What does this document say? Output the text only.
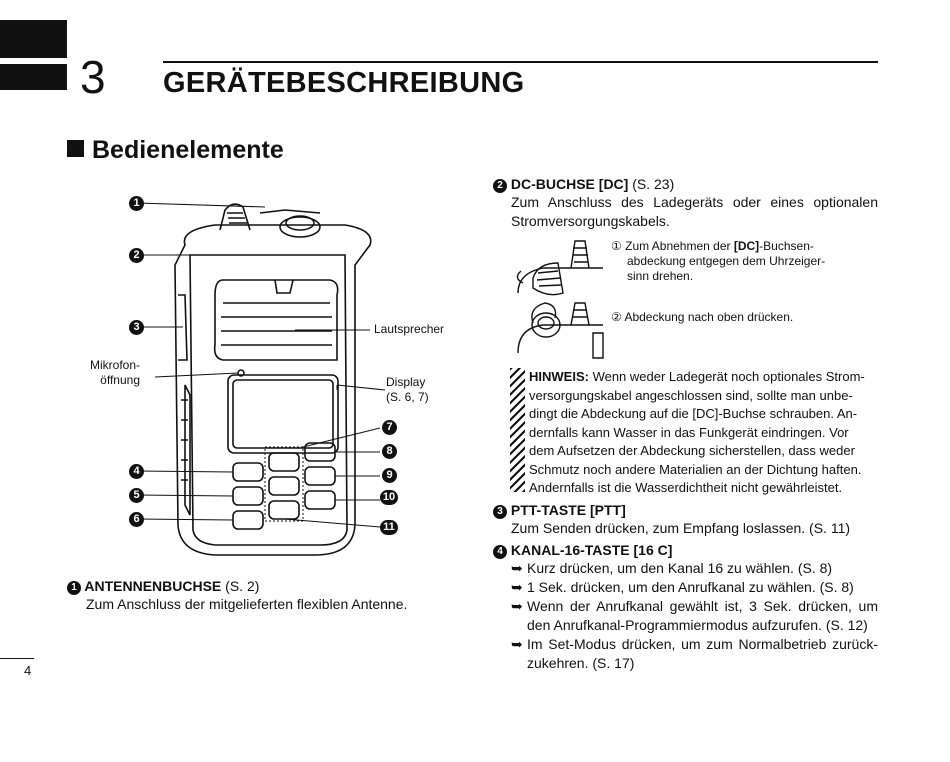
3 GERÄTEBESCHREIBUNG
Bedienelemente
1
2
3
4
5
6
7
8
9
10
11
Lautsprecher
Mikrofon-
öffnung	Display
(S. 6, 7)
1 ANTENNENBUCHSE (S. 2)
Zum Anschluss der mitgelieferten flexiblen Antenne.
2 DC-BUCHSE [DC] (S. 23)
Zum Anschluss des Ladegeräts oder eines optionalen
Stromversorgungskabels.
① Zum Abnehmen der [DC]-Buchsen-
abdeckung entgegen dem Uhrzeiger-
sinn drehen.
② Abdeckung nach oben drücken.
HINWEIS: Wenn weder Ladegerät noch optionales Strom-
versorgungskabel angeschlossen sind, sollte man unbe-
dingt die Abdeckung auf die [DC]-Buchse schrauben. An-
dernfalls kann Wasser in das Funkgerät eindringen. Vor
dem Aufsetzen der Abdeckung sicherstellen, dass weder
Schmutz noch andere Materialien an der Dichtung haften.
Andernfalls ist die Wasserdichtheit nicht gewährleistet.
3 PTT-TASTE [PTT]
Zum Senden drücken, zum Empfang loslassen. (S. 11)
4 KANAL-16-TASTE [16 C]
➥ Kurz drücken, um den Kanal 16 zu wählen. (S. 8)
➥ 1 Sek. drücken, um den Anrufkanal zu wählen. (S. 8)
➥ Wenn der Anrufkanal gewählt ist, 3 Sek. drücken, um
den Anrufkanal-Programmiermodus aufzurufen. (S. 12)
➥ Im Set-Modus drücken, um zum Normalbetrieb zurück-
zukehren. (S. 17)
4
